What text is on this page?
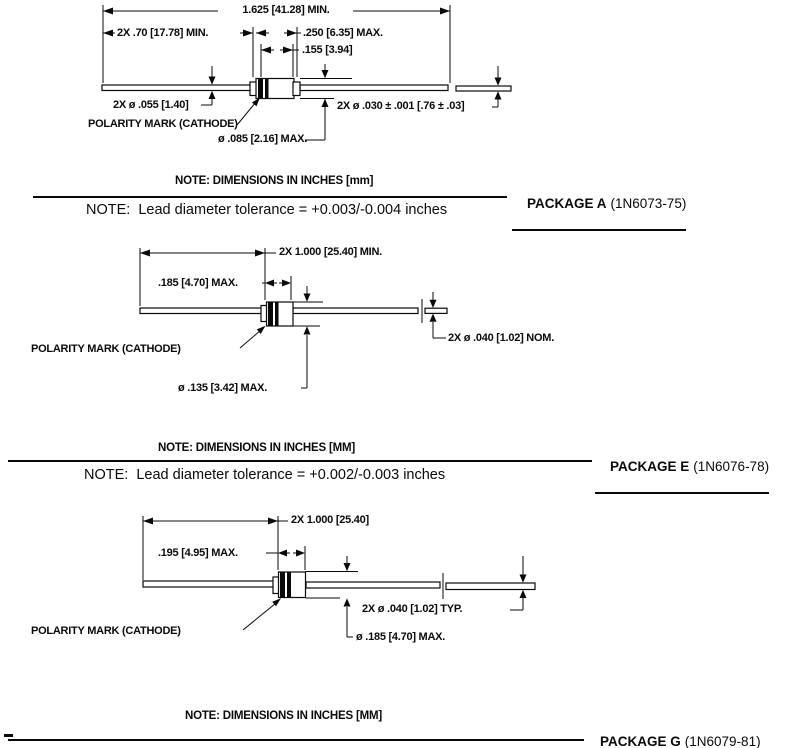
1.625 [41.28] MIN.
2X .70 [17.78] MIN.	.250 [6.35] MAX.
.155 [3.94]
2X ø .055 [1.40]
POLARITY MARK (CATHODE)
ø .085 [2.16] MAX.
2X ø .030 ± .001 [.76 ± .03]
NOTE: DIMENSIONS IN INCHES [mm]

PACKAGE A (1N6073-75)

NOTE:  Lead diameter tolerance = +0.003/-0.004 inches
2X 1.000 [25.40] MIN.
.185 [4.70] MAX.
POLARITY MARK (CATHODE)
ø .135 [3.42] MAX.
2X ø .040 [1.02] NOM.
NOTE: DIMENSIONS IN INCHES [MM]

PACKAGE E (1N6076-78)

NOTE:  Lead diameter tolerance = +0.002/-0.003 inches
2X 1.000 [25.40]
.195 [4.95] MAX.
POLARITY MARK (CATHODE)
2X ø .040 [1.02] TYP.
ø .185 [4.70] MAX.
NOTE: DIMENSIONS IN INCHES [MM]

PACKAGE G (1N6079-81)
